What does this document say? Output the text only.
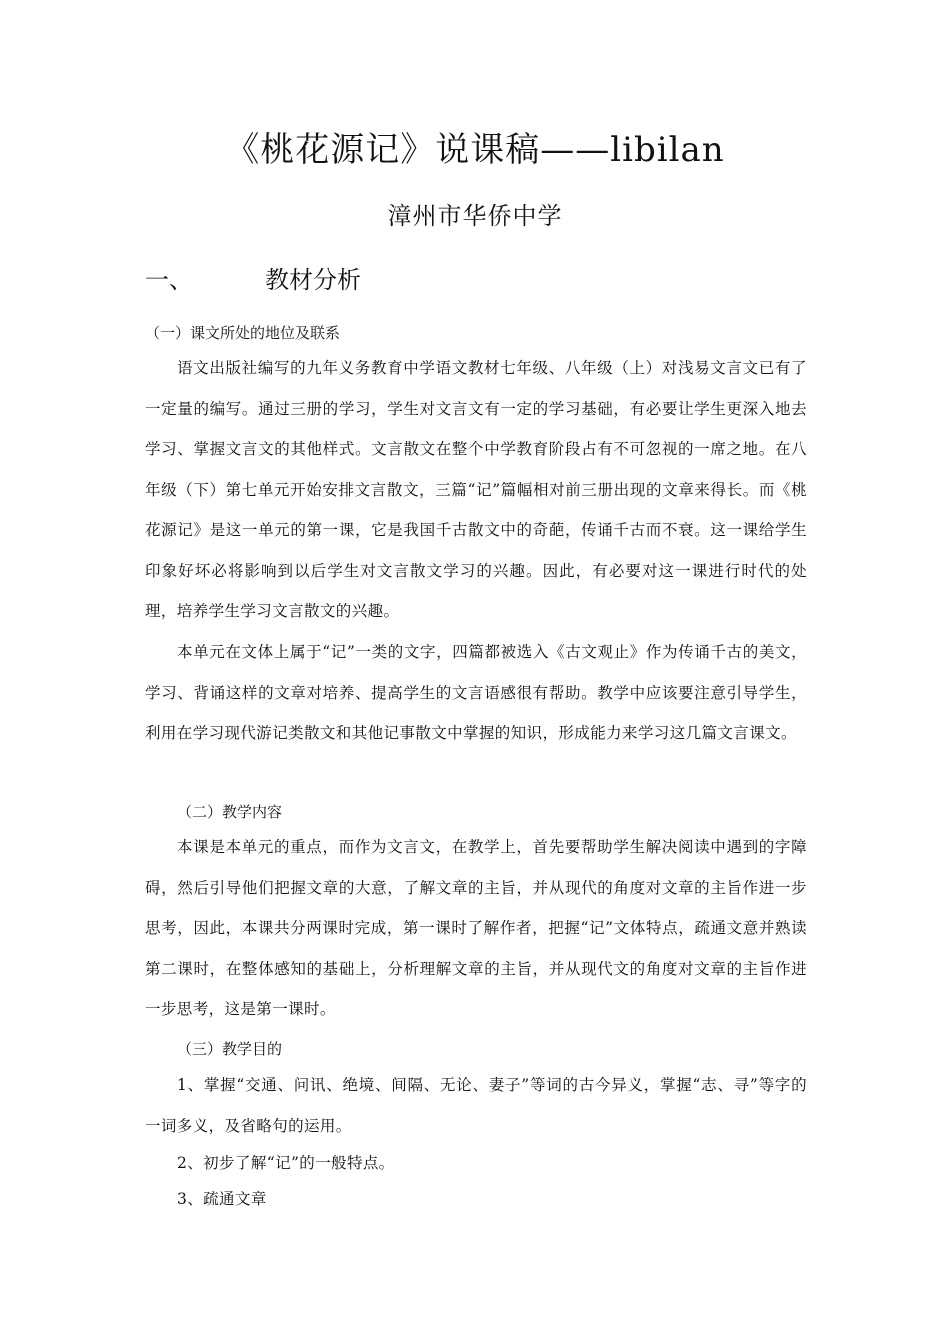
《桃花源记》说课稿——libilan
漳州市华侨中学
一、	教材分析
（一）课文所处的地位及联系
语文出版社编写的九年义务教育中学语文教材七年级、八年级（上）对浅易文言文已有了一定量的编写。通过三册的学习，学生对文言文有一定的学习基础，有必要让学生更深入地去学习、掌握文言文的其他样式。文言散文在整个中学教育阶段占有不可忽视的一席之地。在八年级（下）第七单元开始安排文言散文，三篇“记”篇幅相对前三册出现的文章来得长。而《桃花源记》是这一单元的第一课，它是我国千古散文中的奇葩，传诵千古而不衰。这一课给学生印象好坏必将影响到以后学生对文言散文学习的兴趣。因此，有必要对这一课进行时代的处理，培养学生学习文言散文的兴趣。
本单元在文体上属于“记”一类的文字，四篇都被选入《古文观止》作为传诵千古的美文，学习、背诵这样的文章对培养、提高学生的文言语感很有帮助。教学中应该要注意引导学生，利用在学习现代游记类散文和其他记事散文中掌握的知识，形成能力来学习这几篇文言课文。
（二）教学内容
本课是本单元的重点，而作为文言文，在教学上，首先要帮助学生解决阅读中遇到的字障碍，然后引导他们把握文章的大意，了解文章的主旨，并从现代的角度对文章的主旨作进一步思考，因此，本课共分两课时完成，第一课时了解作者，把握“记”文体特点，疏通文意并熟读第二课时，在整体感知的基础上，分析理解文章的主旨，并从现代文的角度对文章的主旨作进一步思考，这是第一课时。
（三）教学目的
1、掌握“交通、问讯、绝境、间隔、无论、妻子”等词的古今异义，掌握“志、寻”等字的一词多义，及省略句的运用。
2、初步了解“记”的一般特点。
3、疏通文章
